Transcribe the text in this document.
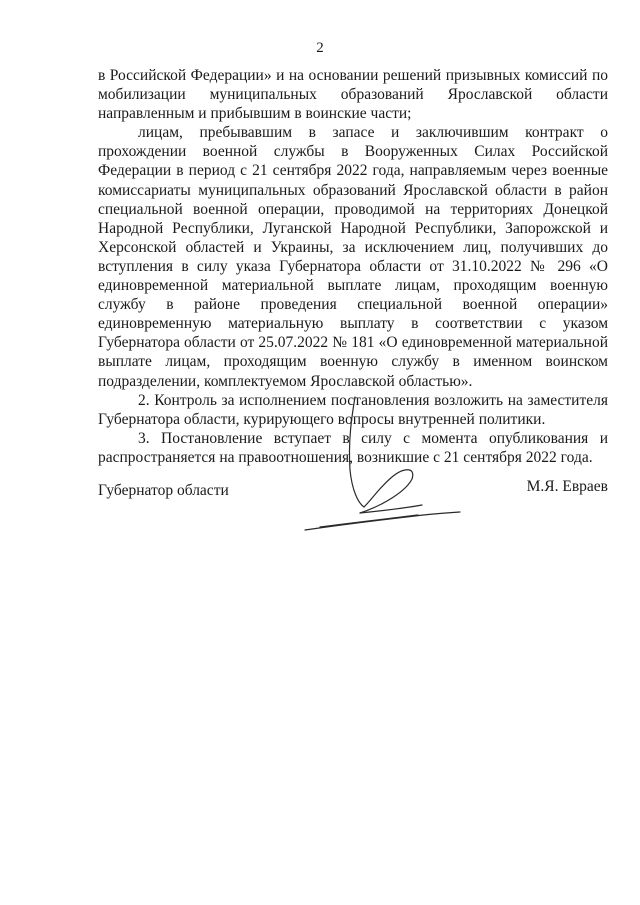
2

в Российской Федерации» и на основании решений призывных комиссий по мобилизации муниципальных образований Ярославской области направленным и прибывшим в воинские части;

лицам, пребывавшим в запасе и заключившим контракт о прохождении военной службы в Вооруженных Силах Российской Федерации в период с 21 сентября 2022 года, направляемым через военные комиссариаты муниципальных образований Ярославской области в район специальной военной операции, проводимой на территориях Донецкой Народной Республики, Луганской Народной Республики, Запорожской и Херсонской областей и Украины, за исключением лиц, получивших до вступления в силу указа Губернатора области от 31.10.2022 № 296 «О единовременной материальной выплате лицам, проходящим военную службу в районе проведения специальной военной операции» единовременную материальную выплату в соответствии с указом Губернатора области от 25.07.2022 № 181 «О единовременной материальной выплате лицам, проходящим военную службу в именном воинском подразделении, комплектуемом Ярославской областью».

2. Контроль за исполнением постановления возложить на заместителя Губернатора области, курирующего вопросы внутренней политики.

3. Постановление вступает в силу с момента опубликования и распространяется на правоотношения, возникшие с 21 сентября 2022 года.

Губернатор области	М.Я. Евраев
